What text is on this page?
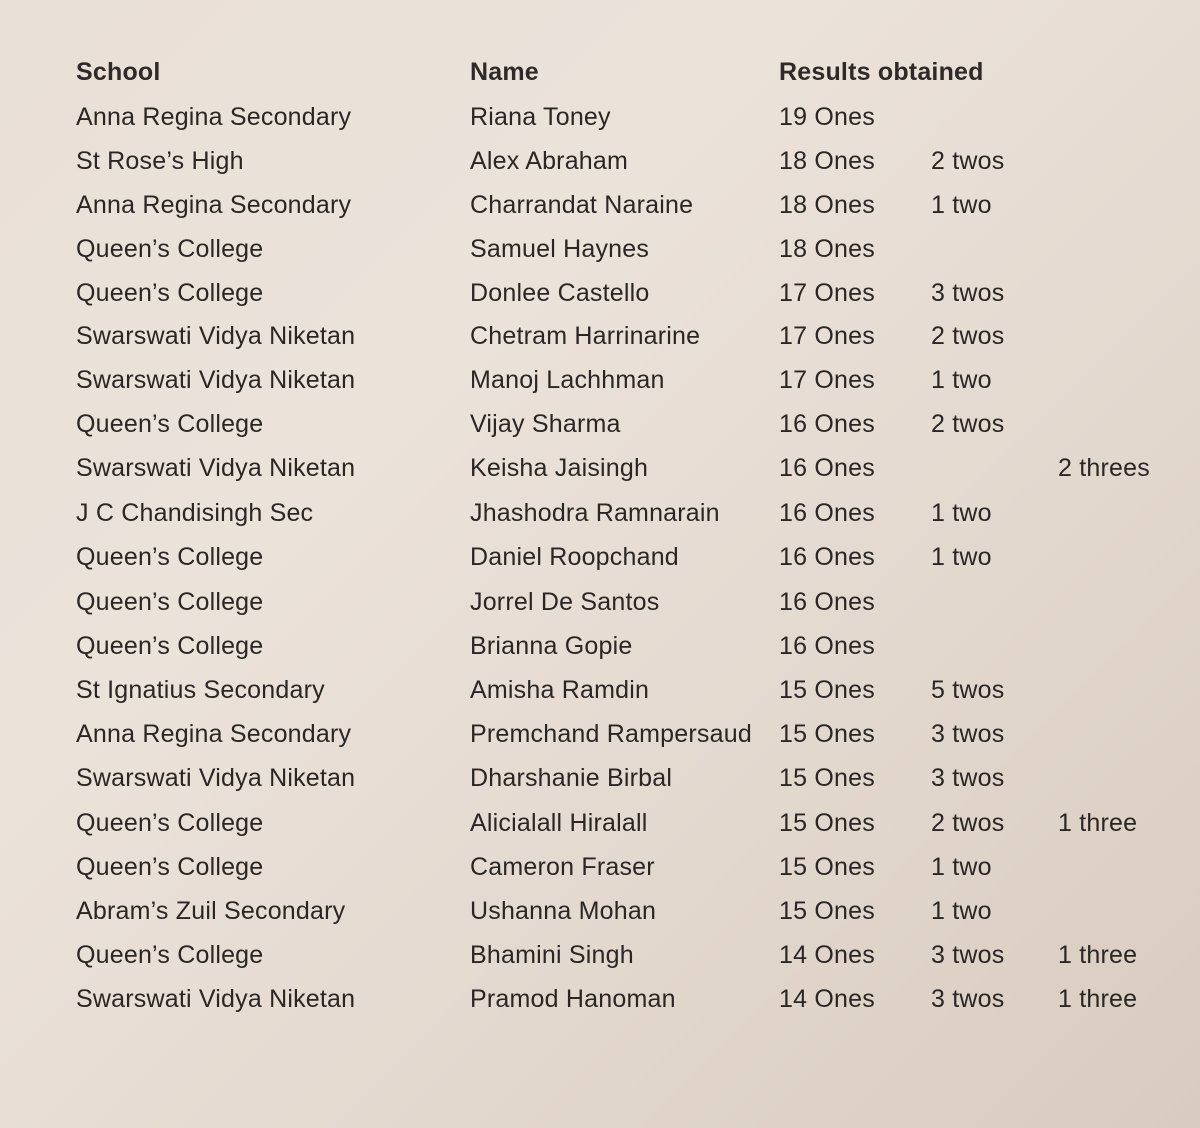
School	Name	Results obtained
Anna Regina Secondary	Riana Toney	19 Ones
St Rose’s High	Alex Abraham	18 Ones 2 twos
Anna Regina Secondary	Charrandat Naraine	18 Ones 1 two
Queen’s College	Samuel Haynes	18 Ones
Queen’s College	Donlee Castello	17 Ones 3 twos
Swarswati Vidya Niketan	Chetram Harrinarine	17 Ones 2 twos
Swarswati Vidya Niketan	Manoj Lachhman	17 Ones 1 two
Queen’s College	Vijay Sharma	16 Ones 2 twos
Swarswati Vidya Niketan	Keisha Jaisingh	16 Ones	2 threes
J C Chandisingh Sec	Jhashodra Ramnarain 16 Ones 1 two
Queen’s College	Daniel Roopchand	16 Ones 1 two
Queen’s College	Jorrel De Santos	16 Ones
Queen’s College	Brianna Gopie	16 Ones
St Ignatius Secondary	Amisha Ramdin	15 Ones 5 twos
Anna Regina Secondary	Premchand Rampersaud 15 Ones 3 twos
Swarswati Vidya Niketan	Dharshanie Birbal	15 Ones 3 twos
Queen’s College	Alicialall Hiralall	15 Ones 2 twos 1 three
Queen’s College	Cameron Fraser	15 Ones 1 two
Abram’s Zuil Secondary	Ushanna Mohan	15 Ones 1 two
Queen’s College	Bhamini Singh	14 Ones 3 twos 1 three
Swarswati Vidya Niketan	Pramod Hanoman	14 Ones 3 twos 1 three
